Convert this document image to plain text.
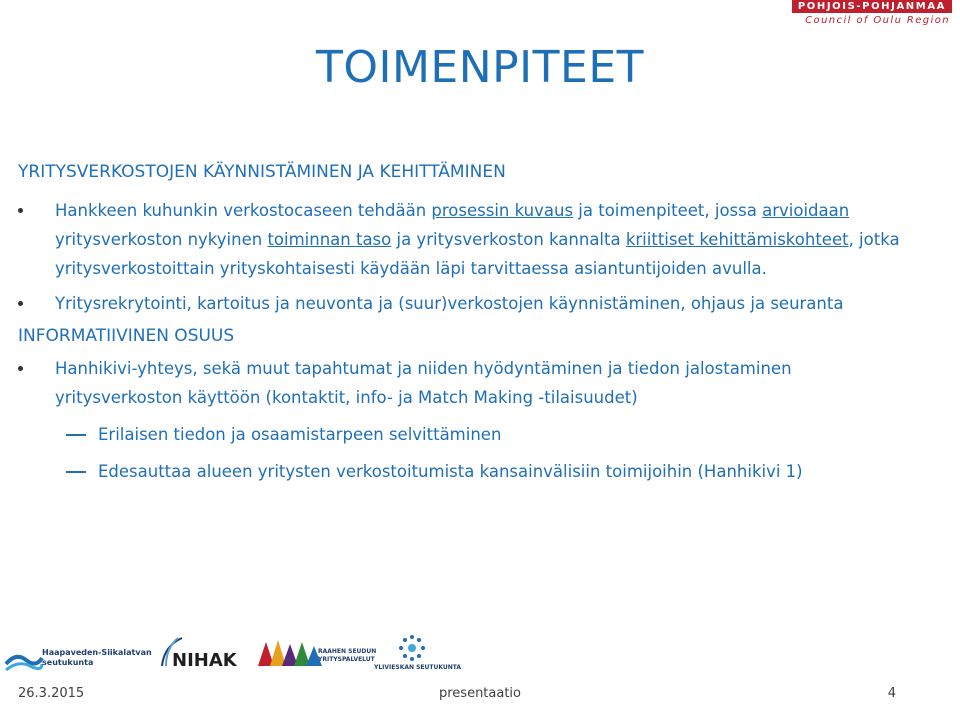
POHJOIS-POHJANMAA
Council of Oulu Region
TOIMENPITEET

YRITYSVERKOSTOJEN KÄYNNISTÄMINEN JA KEHITTÄMINEN

Hankkeen kuhunkin verkostocaseen tehdään prosessin kuvaus ja toimenpiteet, jossa arvioidaan yritysverkoston nykyinen toiminnan taso ja yritysverkoston kannalta kriittiset kehittämiskohteet, jotka yritysverkostoittain yrityskohtaisesti käydään läpi tarvittaessa asiantuntijoiden avulla.
Yritysrekrytointi, kartoitus ja neuvonta ja (suur)verkostojen käynnistäminen, ohjaus ja seuranta

INFORMATIIVINEN OSUUS

Hanhikivi-yhteys, sekä muut tapahtumat ja niiden hyödyntäminen ja tiedon jalostaminen yritysverkoston käyttöön (kontaktit, info- ja Match Making -tilaisuudet)
Erilaisen tiedon ja osaamistarpeen selvittäminen
Edesauttaa alueen yritysten verkostoitumista kansainvälisiin toimijoihin (Hanhikivi 1)
Haapaveden-Siikalatvan seutukunta	NIHAK	RAAHEN SEUDUN
YRITYSPALVELUT
YLIVIESKAN SEUTUKUNTA
26.3.2015	presentaatio	4
